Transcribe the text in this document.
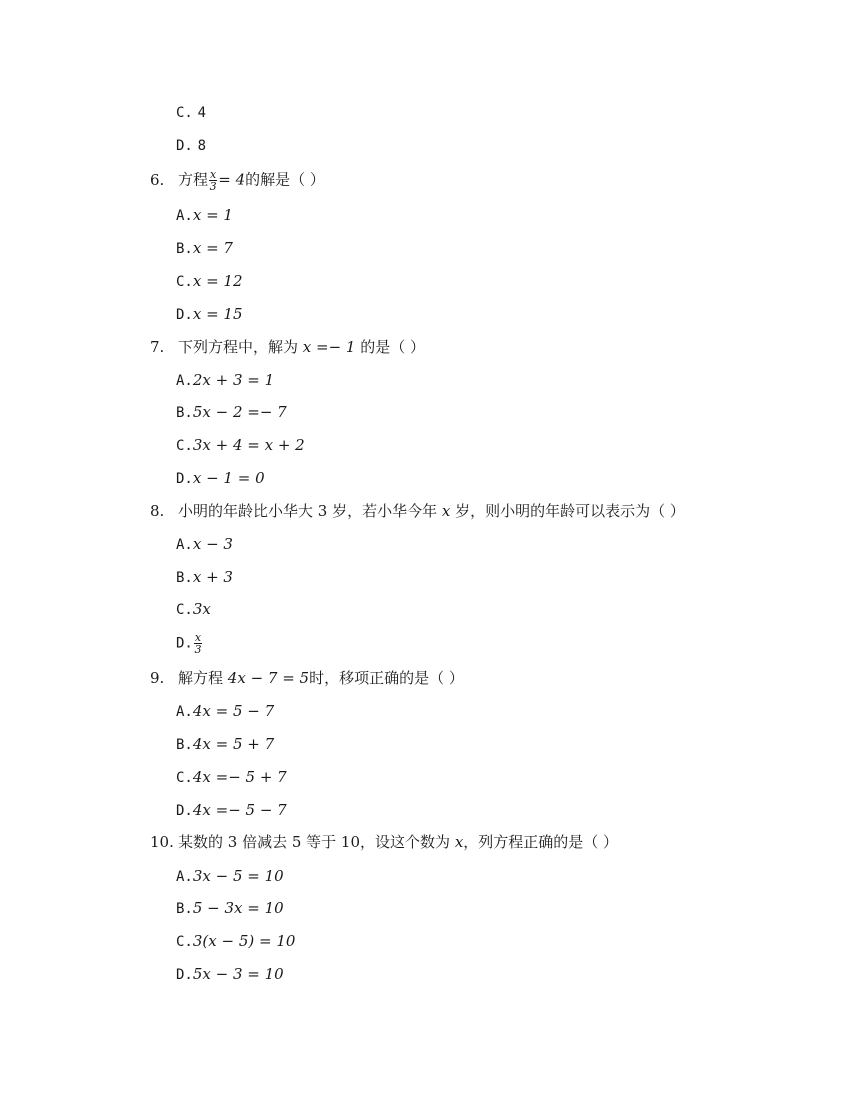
C. 4
D. 8
6. 方程 $\frac{x}{3} = 4$的解是（ ）
A.x = 1
B.x = 7
C.x = 12
D.x = 15
7. 下列方程中，解为 x =− 1 的是（ ）
A.2x + 3 = 1
B.5x − 2 =− 7
C.3x + 4 = x + 2
D.x − 1 = 0
8. 小明的年龄比小华大 3 岁，若小华今年 x 岁，则小明的年龄可以表示为（ ）
A.x − 3
B.x + 3
C.3x
D. $\frac{x}{3}$
9. 解方程 4x − 7 = 5时，移项正确的是（ ）
A.4x = 5 − 7
B.4x = 5 + 7
C.4x =− 5 + 7
D.4x =− 5 − 7
10. 某数的 3 倍减去 5 等于 10，设这个数为 x，列方程正确的是（ ）
A.3x − 5 = 10
B.5 − 3x = 10
C.3(x − 5) = 10
D.5x − 3 = 10
